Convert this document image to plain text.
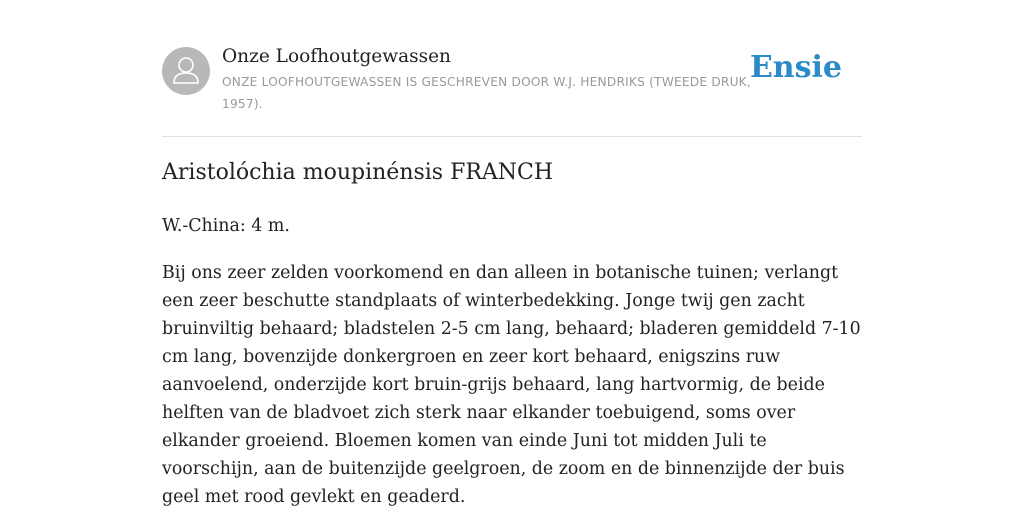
Onze Loofhoutgewassen
ONZE LOOFHOUTGEWASSEN IS GESCHREVEN DOOR W.J. HENDRIKS (TWEEDE DRUK, 1957).
Ensie
Aristolóchia moupinénsis FRANCH

W.-China: 4 m.

Bij ons zeer zelden voorkomend en dan alleen in botanische tuinen; verlangt een zeer beschutte standplaats of winterbedekking. Jonge twij gen zacht bruinviltig behaard; bladstelen 2-5 cm lang, behaard; bladeren gemiddeld 7-10 cm lang, bovenzijde donkergroen en zeer kort behaard, enigszins ruw aanvoelend, onderzijde kort bruin-grijs behaard, lang hartvormig, de beide helften van de bladvoet zich sterk naar elkander toebuigend, soms over elkander groeiend. Bloemen komen van einde Juni tot midden Juli te voorschijn, aan de buitenzijde geelgroen, de zoom en de binnenzijde der buis geel met rood gevlekt en geaderd.
